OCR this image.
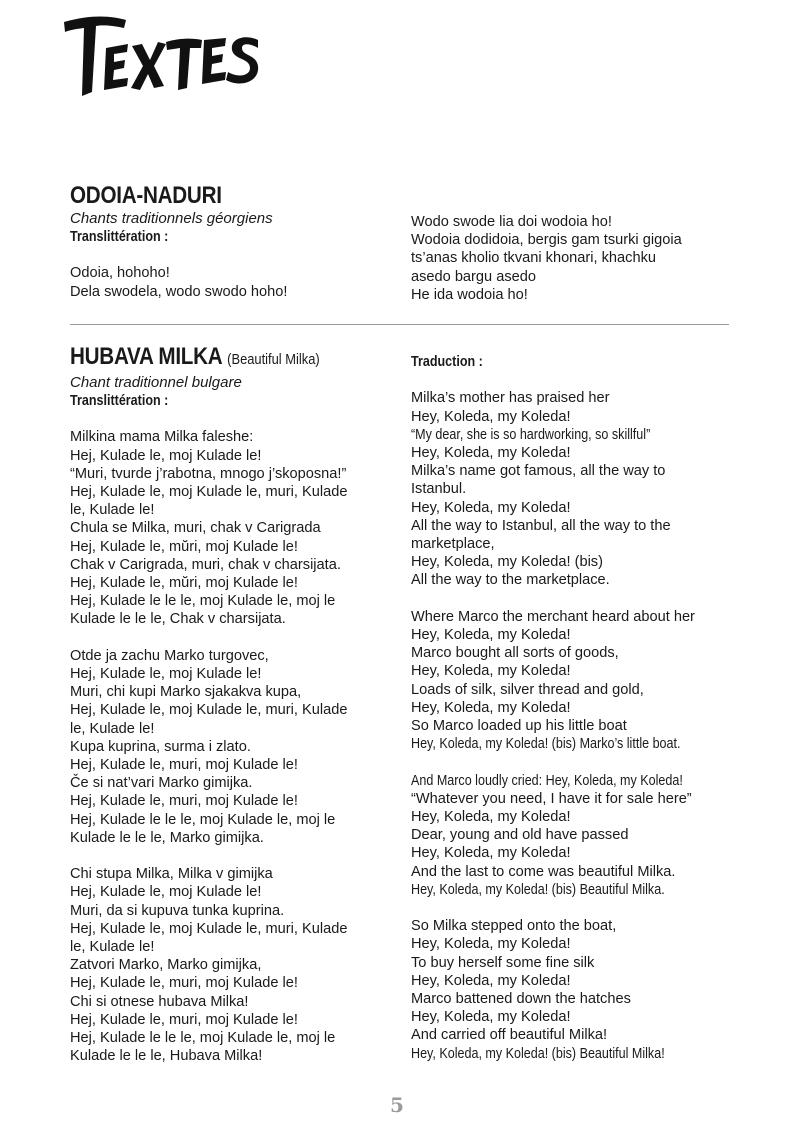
Textes
ODOIA-NADURI
Chants traditionnels géorgiens
Translittération :
Odoia, hohoho!
Dela swodela, wodo swodo hoho!
Wodo swode lia doi wodoia ho!
Wodoia dodidoia, bergis gam tsurki gigoia
ts’anas kholio tkvani khonari, khachku
asedo bargu asedo
He ida wodoia ho!
HUBAVA MILKA (Beautiful Milka)
Chant traditionnel bulgare
Translittération :
Milkina mama Milka faleshe:
Hej, Kulade le, moj Kulade le!
“Muri, tvurde j’rabotna, mnogo j’skoposna!”
Hej, Kulade le, moj Kulade le, muri, Kulade
le, Kulade le!
Chula se Milka, muri, chak v Carigrada
Hej, Kulade le, mŭri, moj Kulade le!
Chak v Carigrada, muri, chak v charsijata.
Hej, Kulade le, mŭri, moj Kulade le!
Hej, Kulade le le le, moj Kulade le, moj le
Kulade le le le, Chak v charsijata.
Otde ja zachu Marko turgovec,
Hej, Kulade le, moj Kulade le!
Muri, chi kupi Marko sjakakva kupa,
Hej, Kulade le, moj Kulade le, muri, Kulade
le, Kulade le!
Kupa kuprina, surma i zlato.
Hej, Kulade le, muri, moj Kulade le!
Če si nat’vari Marko gimijka.
Hej, Kulade le, muri, moj Kulade le!
Hej, Kulade le le le, moj Kulade le, moj le
Kulade le le le, Marko gimijka.
Chi stupa Milka, Milka v gimijka
Hej, Kulade le, moj Kulade le!
Muri, da si kupuva tunka kuprina.
Hej, Kulade le, moj Kulade le, muri, Kulade
le, Kulade le!
Zatvori Marko, Marko gimijka,
Hej, Kulade le, muri, moj Kulade le!
Chi si otnese hubava Milka!
Hej, Kulade le, muri, moj Kulade le!
Hej, Kulade le le le, moj Kulade le, moj le
Kulade le le le, Hubava Milka!
Traduction :
Milka’s mother has praised her
Hey, Koleda, my Koleda!
“My dear, she is so hardworking, so skillful”
Hey, Koleda, my Koleda!
Milka’s name got famous, all the way to
Istanbul.
Hey, Koleda, my Koleda!
All the way to Istanbul, all the way to the
marketplace,
Hey, Koleda, my Koleda! (bis)
All the way to the marketplace.
Where Marco the merchant heard about her
Hey, Koleda, my Koleda!
Marco bought all sorts of goods,
Hey, Koleda, my Koleda!
Loads of silk, silver thread and gold,
Hey, Koleda, my Koleda!
So Marco loaded up his little boat
Hey, Koleda, my Koleda! (bis) Marko’s little boat.
And Marco loudly cried: Hey, Koleda, my Koleda!
“Whatever you need, I have it for sale here”
Hey, Koleda, my Koleda!
Dear, young and old have passed
Hey, Koleda, my Koleda!
And the last to come was beautiful Milka.
Hey, Koleda, my Koleda! (bis) Beautiful Milka.
So Milka stepped onto the boat,
Hey, Koleda, my Koleda!
To buy herself some fine silk
Hey, Koleda, my Koleda!
Marco battened down the hatches
Hey, Koleda, my Koleda!
And carried off beautiful Milka!
Hey, Koleda, my Koleda! (bis) Beautiful Milka!
5
